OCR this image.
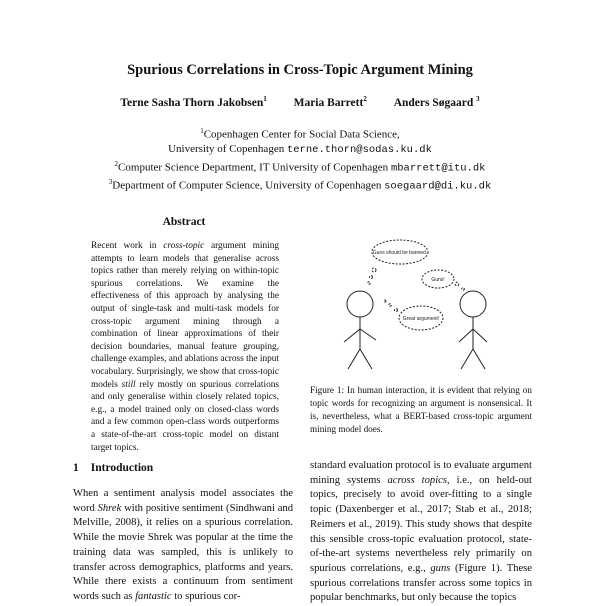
Spurious Correlations in Cross-Topic Argument Mining
Terne Sasha Thorn Jakobsen$^1$ Maria Barrett$^2$ Anders Søgaard $^3$
$^1$Copenhagen Center for Social Data Science,
University of Copenhagen terne.thorn@sodas.ku.dk
$^2$Computer Science Department, IT University of Copenhagen mbarrett@itu.dk
$^3$Department of Computer Science, University of Copenhagen soegaard@di.ku.dk
Abstract

Recent work in cross-topic argument mining attempts to learn models that generalise across topics rather than merely relying on within-topic spurious correlations. We examine the effectiveness of this approach by analysing the output of single-task and multi-task models for cross-topic argument mining through a combination of linear approximations of their decision boundaries, manual feature grouping, challenge examples, and ablations across the input vocabulary. Surprisingly, we show that cross-topic models still rely mostly on spurious correlations and only generalise within closely related topics, e.g., a model trained only on closed-class words and a few common open-class words outperforms a state-of-the-art cross-topic model on distant target topics.

Guns should be banned.
Guns!
Great argument!

Figure 1: In human interaction, it is evident that relying on topic words for recognizing an argument is nonsensical. It is, nevertheless, what a BERT-based cross-topic argument mining model does.

1 Introduction

When a sentiment analysis model associates the word Shrek with positive sentiment (Sindhwani and Melville, 2008), it relies on a spurious correlation. While the movie Shrek was popular at the time the training data was sampled, this is unlikely to transfer across demographics, platforms and years. While there exists a continuum from sentiment words such as fantastic to spurious cor-

standard evaluation protocol is to evaluate argument mining systems across topics, i.e., on held-out topics, precisely to avoid over-fitting to a single topic (Daxenberger et al., 2017; Stab et al., 2018; Reimers et al., 2019). This study shows that despite this sensible cross-topic evaluation protocol, state-of-the-art systems nevertheless rely primarily on spurious correlations, e.g., guns (Figure 1). These spurious correlations transfer across some topics in popular benchmarks, but only because the topics
